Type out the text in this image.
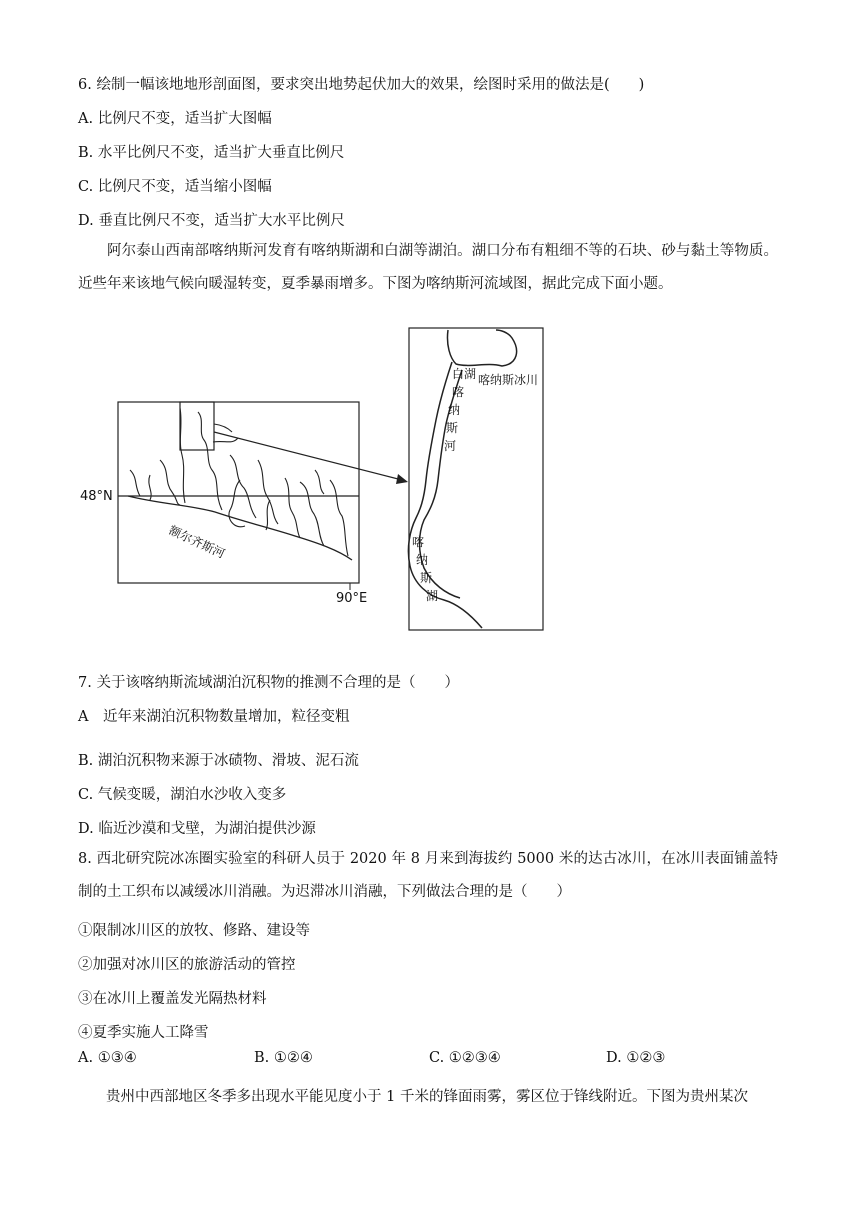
6. 绘制一幅该地地形剖面图，要求突出地势起伏加大的效果，绘图时采用的做法是(　　)
A. 比例尺不变，适当扩大图幅
B. 水平比例尺不变，适当扩大垂直比例尺
C. 比例尺不变，适当缩小图幅
D. 垂直比例尺不变，适当扩大水平比例尺
阿尔泰山西南部喀纳斯河发育有喀纳斯湖和白湖等湖泊。湖口分布有粗细不等的石块、砂与黏土等物质。近些年来该地气候向暖湿转变，夏季暴雨增多。下图为喀纳斯河流域图，据此完成下面小题。
48°N
90°E
额尔齐斯河
白湖 喀纳斯冰川
喀
纳
斯
河
喀
纳
斯
湖
7. 关于该喀纳斯流域湖泊沉积物的推测不合理的是（　　）
A　近年来湖泊沉积物数量增加，粒径变粗
B. 湖泊沉积物来源于冰碛物、滑坡、泥石流
C. 气候变暖，湖泊水沙收入变多
D. 临近沙漠和戈壁，为湖泊提供沙源
8. 西北研究院冰冻圈实验室的科研人员于 2020 年 8 月来到海拔约 5000 米的达古冰川，在冰川表面铺盖特制的土工织布以减缓冰川消融。为迟滞冰川消融，下列做法合理的是（　　）
①限制冰川区的放牧、修路、建设等
②加强对冰川区的旅游活动的管控
③在冰川上覆盖发光隔热材料
④夏季实施人工降雪
A. ①③④	B. ①②④	C. ①②③④	D. ①②③
贵州中西部地区冬季多出现水平能见度小于 1 千米的锋面雨雾，雾区位于锋线附近。下图为贵州某次
